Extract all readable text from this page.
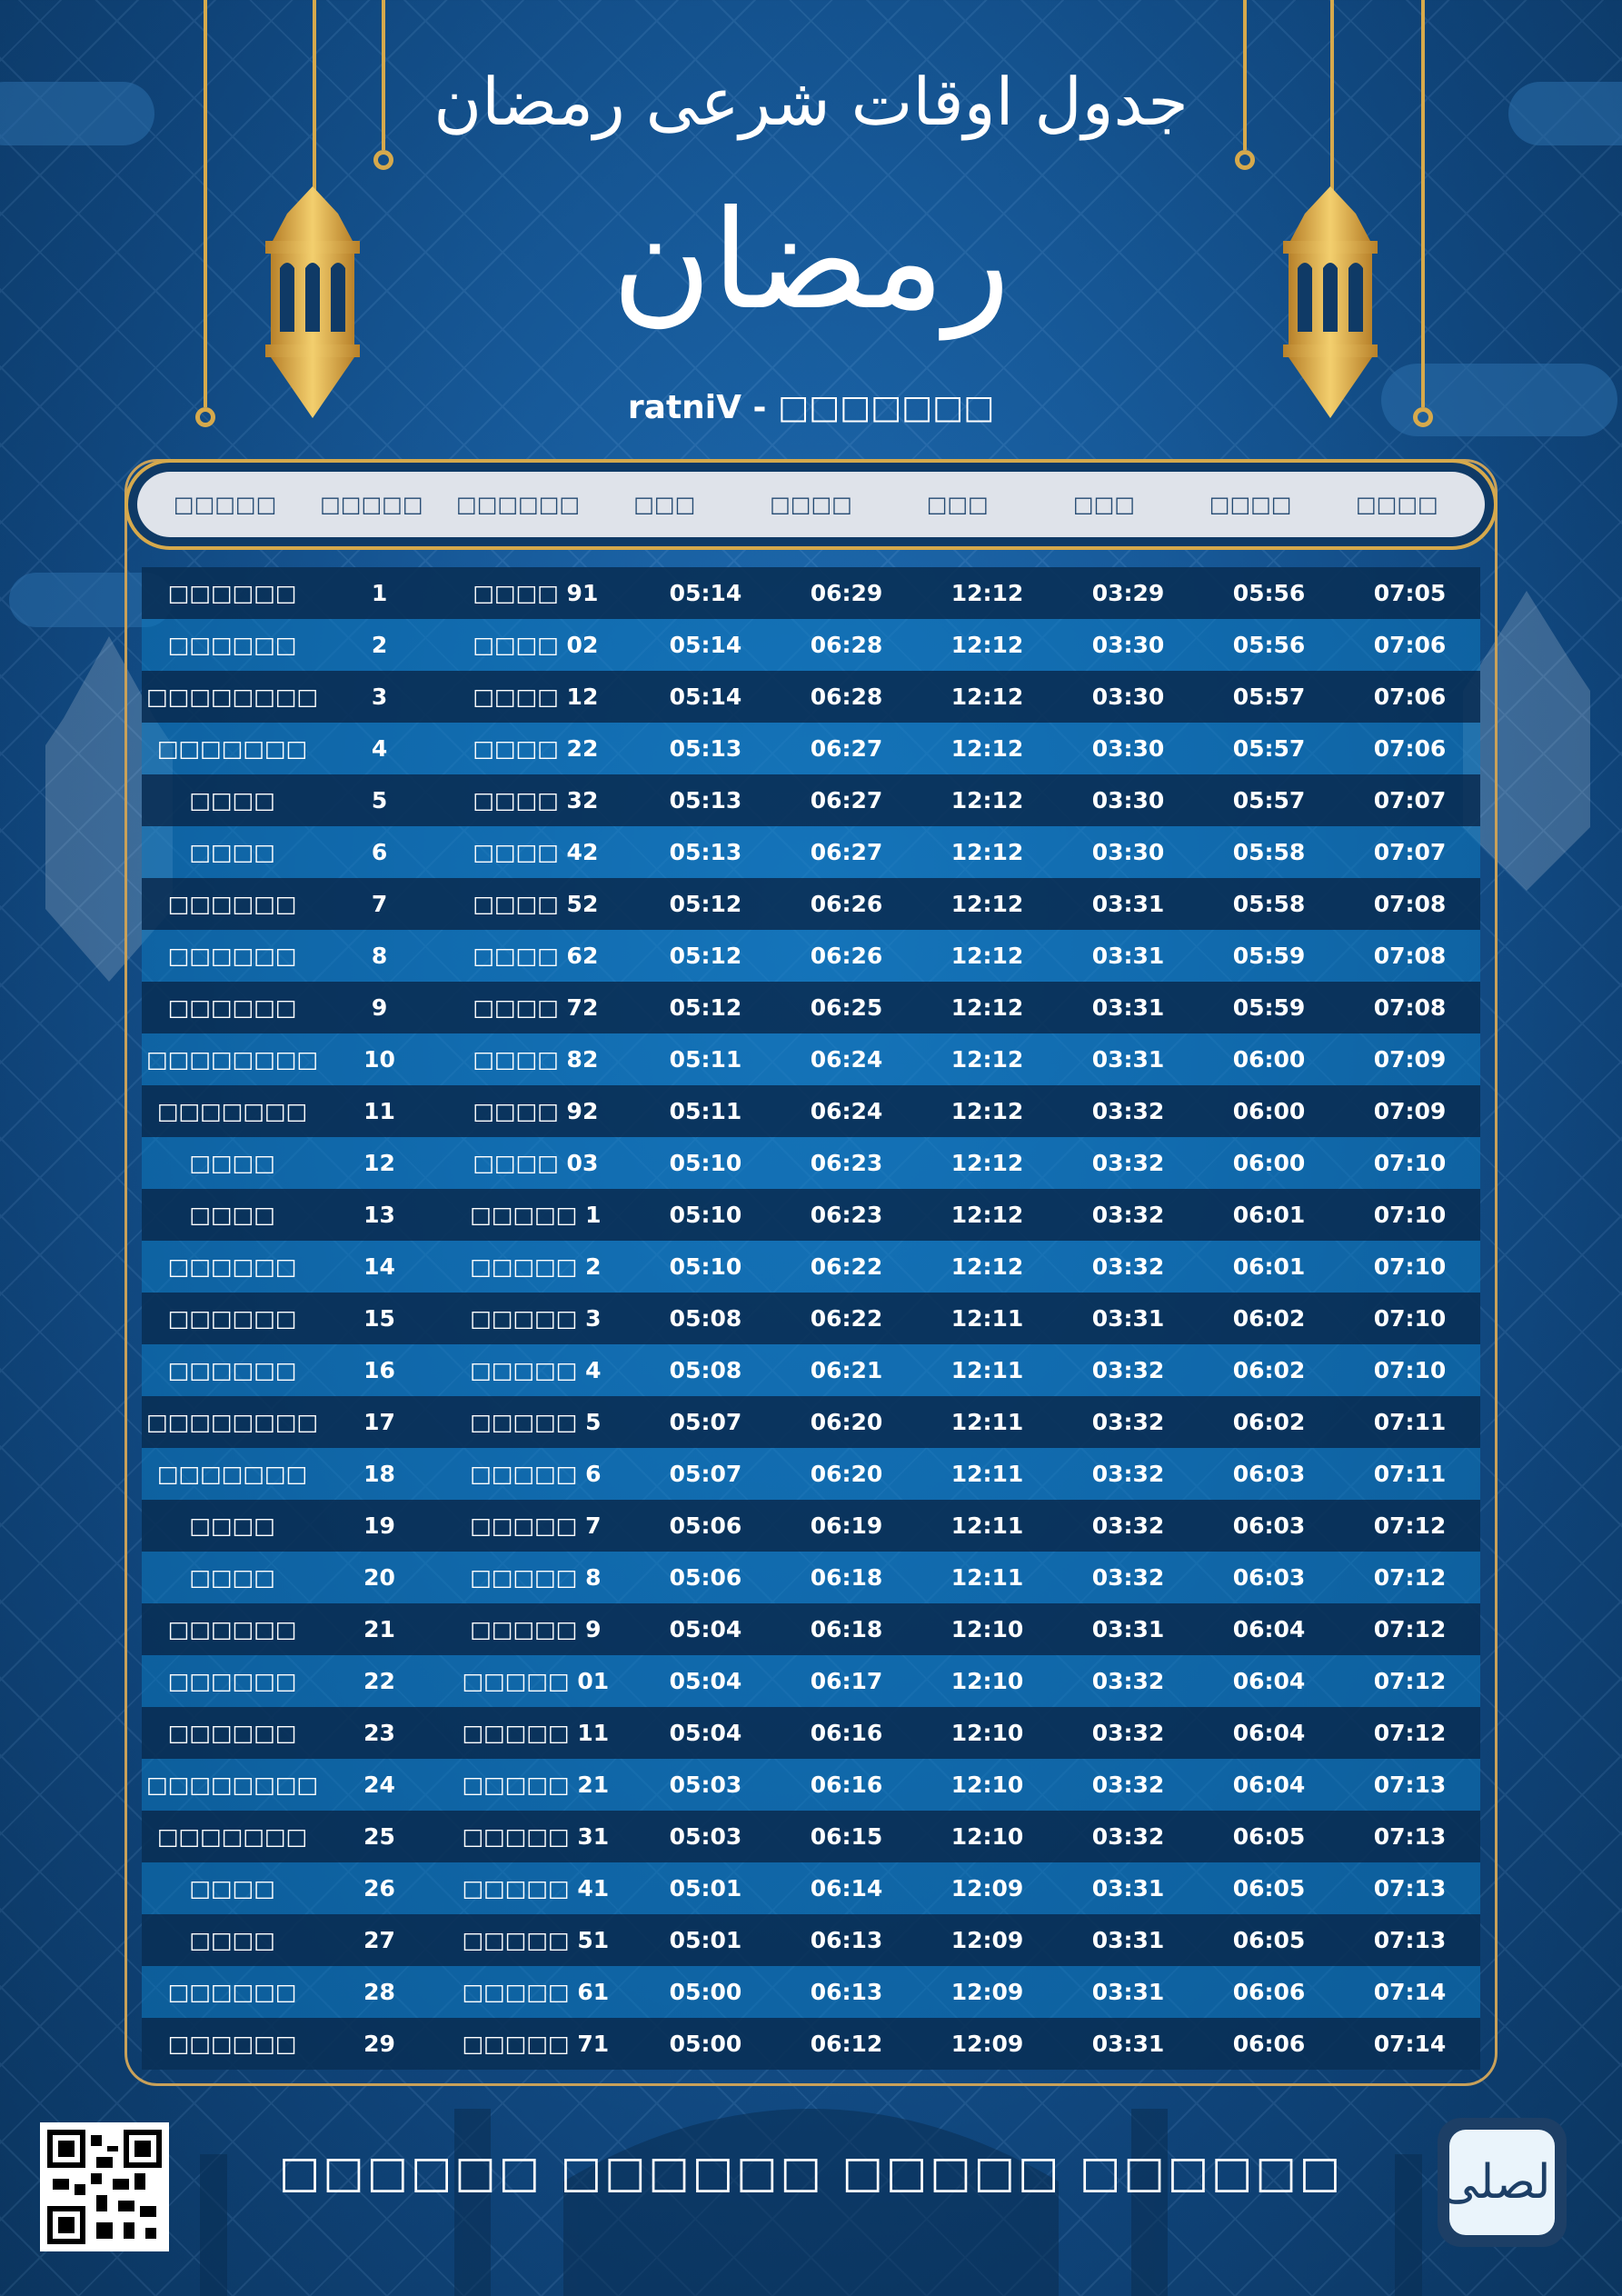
جدول اوقات شرعی رمضان
رمضان
ratniV - □□□□□□□
□□□□□	□□□□□	□□□□□□	□□□	□□□□	□□□	□□□	□□□□	□□□□
□□□□□□	1	□□□□ 91	05:14	06:29	12:12	03:29	05:56	07:05
□□□□□□	2	□□□□ 02	05:14	06:28	12:12	03:30	05:56	07:06
□□□□□□□□	3	□□□□ 12	05:14	06:28	12:12	03:30	05:57	07:06
□□□□□□□	4	□□□□ 22	05:13	06:27	12:12	03:30	05:57	07:06
□□□□	5	□□□□ 32	05:13	06:27	12:12	03:30	05:57	07:07
□□□□	6	□□□□ 42	05:13	06:27	12:12	03:30	05:58	07:07
□□□□□□	7	□□□□ 52	05:12	06:26	12:12	03:31	05:58	07:08
□□□□□□	8	□□□□ 62	05:12	06:26	12:12	03:31	05:59	07:08
□□□□□□	9	□□□□ 72	05:12	06:25	12:12	03:31	05:59	07:08
□□□□□□□□	10	□□□□ 82	05:11	06:24	12:12	03:31	06:00	07:09
□□□□□□□	11	□□□□ 92	05:11	06:24	12:12	03:32	06:00	07:09
□□□□	12	□□□□ 03	05:10	06:23	12:12	03:32	06:00	07:10
□□□□	13	□□□□□ 1	05:10	06:23	12:12	03:32	06:01	07:10
□□□□□□	14	□□□□□ 2	05:10	06:22	12:12	03:32	06:01	07:10
□□□□□□	15	□□□□□ 3	05:08	06:22	12:11	03:31	06:02	07:10
□□□□□□	16	□□□□□ 4	05:08	06:21	12:11	03:32	06:02	07:10
□□□□□□□□	17	□□□□□ 5	05:07	06:20	12:11	03:32	06:02	07:11
□□□□□□□	18	□□□□□ 6	05:07	06:20	12:11	03:32	06:03	07:11
□□□□	19	□□□□□ 7	05:06	06:19	12:11	03:32	06:03	07:12
□□□□	20	□□□□□ 8	05:06	06:18	12:11	03:32	06:03	07:12
□□□□□□	21	□□□□□ 9	05:04	06:18	12:10	03:31	06:04	07:12
□□□□□□	22	□□□□□ 01	05:04	06:17	12:10	03:32	06:04	07:12
□□□□□□	23	□□□□□ 11	05:04	06:16	12:10	03:32	06:04	07:12
□□□□□□□□	24	□□□□□ 21	05:03	06:16	12:10	03:32	06:04	07:13
□□□□□□□	25	□□□□□ 31	05:03	06:15	12:10	03:32	06:05	07:13
□□□□	26	□□□□□ 41	05:01	06:14	12:09	03:31	06:05	07:13
□□□□	27	□□□□□ 51	05:01	06:13	12:09	03:31	06:05	07:13
□□□□□□	28	□□□□□ 61	05:00	06:13	12:09	03:31	06:06	07:14
□□□□□□	29	□□□□□ 71	05:00	06:12	12:09	03:31	06:06	07:14
□□□□□□ □□□□□□ □□□□□ □□□□□□	الصلى
